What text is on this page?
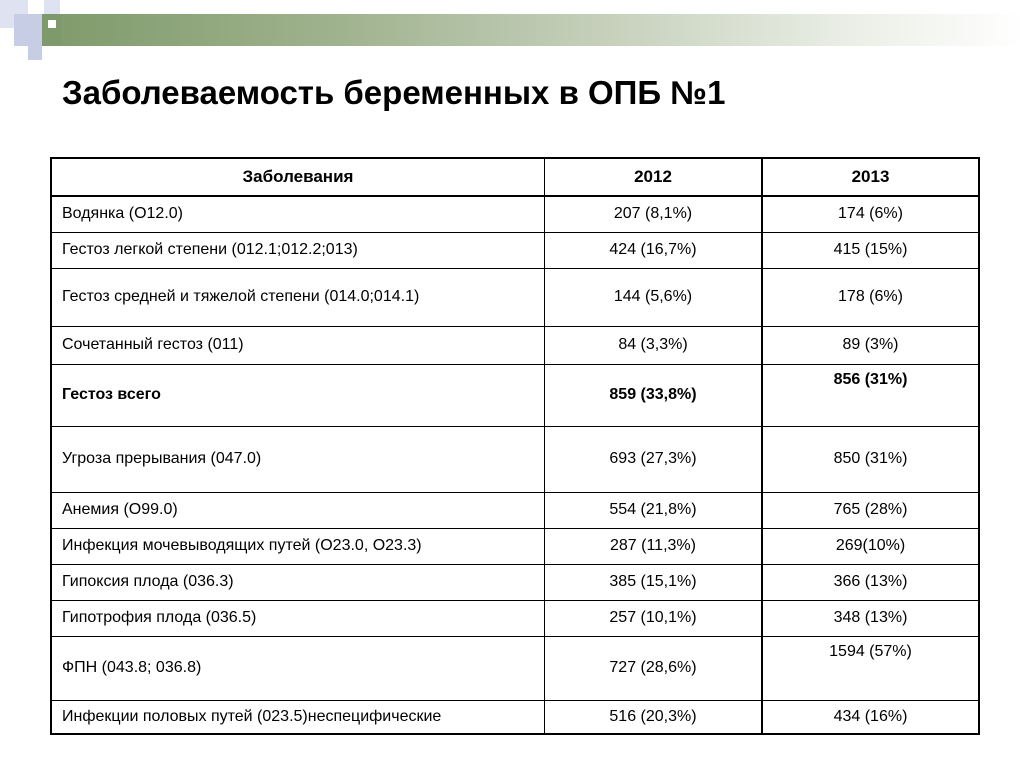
Заболеваемость беременных в ОПБ №1
Заболевания	2012	2013
Водянка (О12.0)	207 (8,1%)	174 (6%)
Гестоз легкой степени (012.1;012.2;013)	424 (16,7%)	415 (15%)
Гестоз средней и тяжелой степени (014.0;014.1)	144 (5,6%)	178 (6%)
Сочетанный гестоз (011)	84 (3,3%)	89 (3%)
Гестоз всего	859 (33,8%)	856 (31%)
Угроза прерывания (047.0)	693 (27,3%)	850 (31%)
Анемия (О99.0)	554 (21,8%)	765 (28%)
Инфекция мочевыводящих путей (О23.0, О23.3)	287 (11,3%)	269(10%)
Гипоксия плода (036.3)	385 (15,1%)	366 (13%)
Гипотрофия плода (036.5)	257 (10,1%)	348 (13%)
ФПН (043.8; 036.8)	727 (28,6%)	1594 (57%)
Инфекции половых путей (023.5)неспецифические	516 (20,3%)	434 (16%)
